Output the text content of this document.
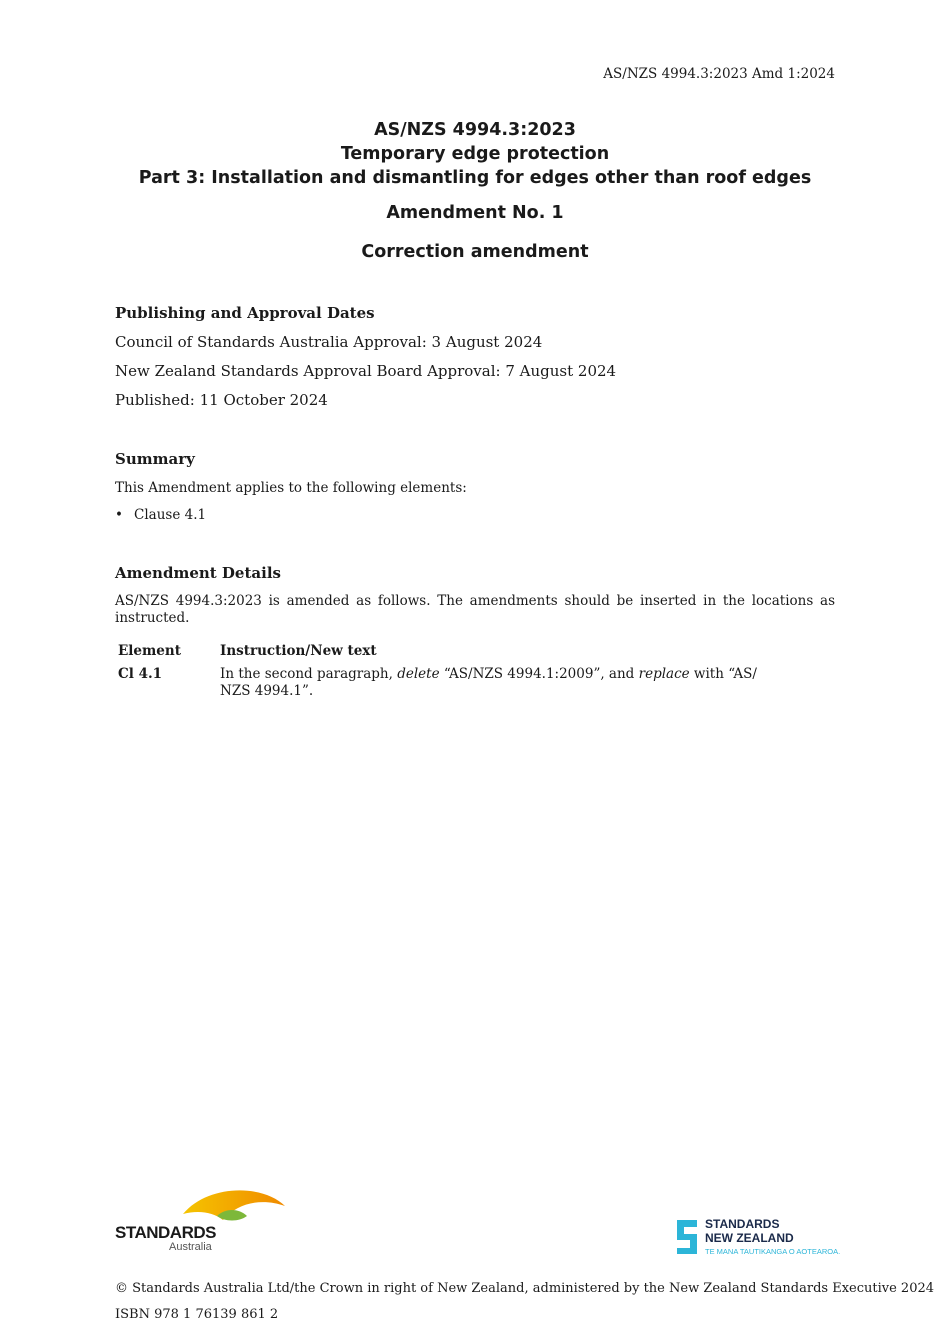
AS/NZS 4994.3:2023 Amd 1:2024
AS/NZS 4994.3:2023
Temporary edge protection
Part 3: Installation and dismantling for edges other than roof edges
Amendment No. 1
Correction amendment
Publishing and Approval Dates
Council of Standards Australia Approval: 3 August 2024
New Zealand Standards Approval Board Approval: 7 August 2024
Published: 11 October 2024
Summary
This Amendment applies to the following elements:
• Clause 4.1
Amendment Details
AS/NZS 4994.3:2023 is amended as follows. The amendments should be inserted in the locations as instructed.
Element	Instruction/New text
Cl 4.1	In the second paragraph, delete “AS/NZS 4994.1:2009”, and replace with “AS/ NZS 4994.1”.
STANDARDS
Australia
STANDARDS
NEW ZEALAND
TE MANA TAUTIKANGA O AOTEAROA.
© Standards Australia Ltd/the Crown in right of New Zealand, administered by the New Zealand Standards Executive 2024
ISBN 978 1 76139 861 2
